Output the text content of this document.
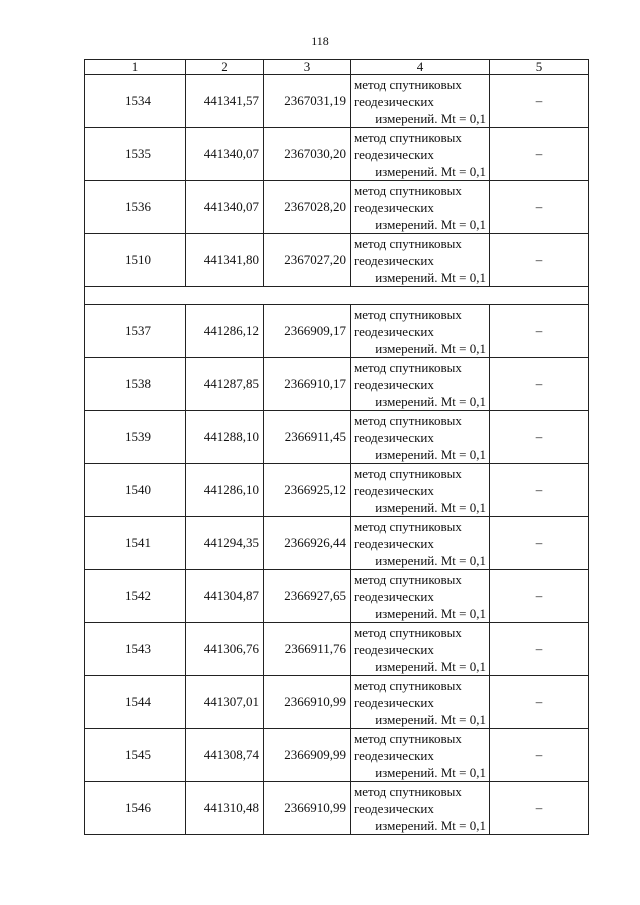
118
1	2	3	4	5
1534	441341,57	2367031,19	метод спутниковых
геодезических
измерений. Mt = 0,1	–
1535	441340,07	2367030,20	метод спутниковых
геодезических
измерений. Mt = 0,1	–
1536	441340,07	2367028,20	метод спутниковых
геодезических
измерений. Mt = 0,1	–
1510	441341,80	2367027,20	метод спутниковых
геодезических
измерений. Mt = 0,1	–

1537	441286,12	2366909,17	метод спутниковых
геодезических
измерений. Mt = 0,1	–
1538	441287,85	2366910,17	метод спутниковых
геодезических
измерений. Mt = 0,1	–
1539	441288,10	2366911,45	метод спутниковых
геодезических
измерений. Mt = 0,1	–
1540	441286,10	2366925,12	метод спутниковых
геодезических
измерений. Mt = 0,1	–
1541	441294,35	2366926,44	метод спутниковых
геодезических
измерений. Mt = 0,1	–
1542	441304,87	2366927,65	метод спутниковых
геодезических
измерений. Mt = 0,1	–
1543	441306,76	2366911,76	метод спутниковых
геодезических
измерений. Mt = 0,1	–
1544	441307,01	2366910,99	метод спутниковых
геодезических
измерений. Mt = 0,1	–
1545	441308,74	2366909,99	метод спутниковых
геодезических
измерений. Mt = 0,1	–
1546	441310,48	2366910,99	метод спутниковых
геодезических
измерений. Mt = 0,1	–
